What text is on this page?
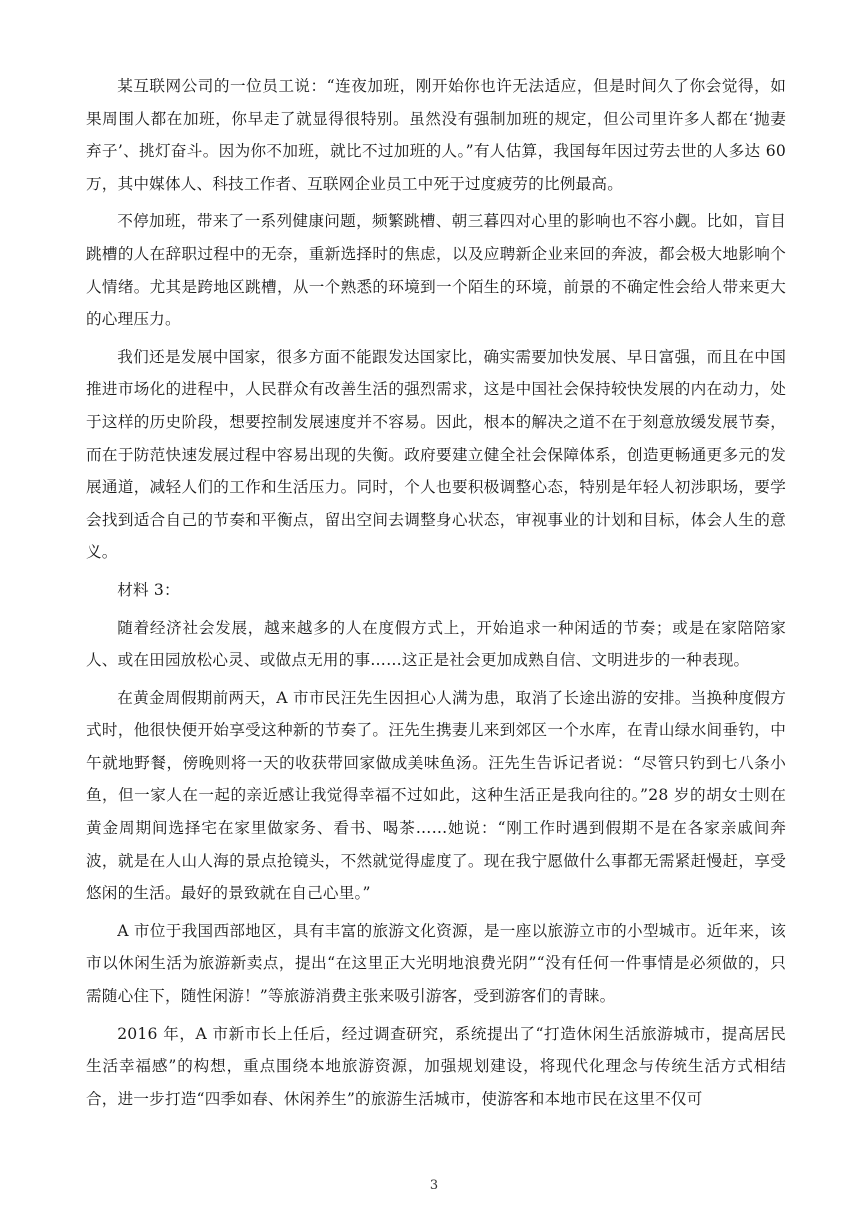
某互联网公司的一位员工说：“连夜加班，刚开始你也许无法适应，但是时间久了你会觉得，如果周围人都在加班，你早走了就显得很特别。虽然没有强制加班的规定，但公司里许多人都在‘抛妻弃子’、挑灯奋斗。因为你不加班，就比不过加班的人。”有人估算，我国每年因过劳去世的人多达 60 万，其中媒体人、科技工作者、互联网企业员工中死于过度疲劳的比例最高。

不停加班，带来了一系列健康问题，频繁跳槽、朝三暮四对心里的影响也不容小觑。比如，盲目跳槽的人在辞职过程中的无奈，重新选择时的焦虑，以及应聘新企业来回的奔波，都会极大地影响个人情绪。尤其是跨地区跳槽，从一个熟悉的环境到一个陌生的环境，前景的不确定性会给人带来更大的心理压力。

我们还是发展中国家，很多方面不能跟发达国家比，确实需要加快发展、早日富强，而且在中国推进市场化的进程中，人民群众有改善生活的强烈需求，这是中国社会保持较快发展的内在动力，处于这样的历史阶段，想要控制发展速度并不容易。因此，根本的解决之道不在于刻意放缓发展节奏，而在于防范快速发展过程中容易出现的失衡。政府要建立健全社会保障体系，创造更畅通更多元的发展通道，减轻人们的工作和生活压力。同时，个人也要积极调整心态，特别是年轻人初涉职场，要学会找到适合自己的节奏和平衡点，留出空间去调整身心状态，审视事业的计划和目标，体会人生的意义。

材料 3：

随着经济社会发展，越来越多的人在度假方式上，开始追求一种闲适的节奏；或是在家陪陪家人、或在田园放松心灵、或做点无用的事……这正是社会更加成熟自信、文明进步的一种表现。

在黄金周假期前两天，A 市市民汪先生因担心人满为患，取消了长途出游的安排。当换种度假方式时，他很快便开始享受这种新的节奏了。汪先生携妻儿来到郊区一个水库，在青山绿水间垂钓，中午就地野餐，傍晚则将一天的收获带回家做成美味鱼汤。汪先生告诉记者说：“尽管只钓到七八条小鱼，但一家人在一起的亲近感让我觉得幸福不过如此，这种生活正是我向往的。”28 岁的胡女士则在黄金周期间选择宅在家里做家务、看书、喝茶……她说：“刚工作时遇到假期不是在各家亲戚间奔波，就是在人山人海的景点抢镜头，不然就觉得虚度了。现在我宁愿做什么事都无需紧赶慢赶，享受悠闲的生活。最好的景致就在自己心里。”

A 市位于我国西部地区，具有丰富的旅游文化资源，是一座以旅游立市的小型城市。近年来，该市以休闲生活为旅游新卖点，提出“在这里正大光明地浪费光阴”“没有任何一件事情是必须做的，只需随心住下，随性闲游！”等旅游消费主张来吸引游客，受到游客们的青睐。

2016 年，A 市新市长上任后，经过调查研究，系统提出了“打造休闲生活旅游城市，提高居民生活幸福感”的构想，重点围绕本地旅游资源，加强规划建设，将现代化理念与传统生活方式相结合，进一步打造“四季如春、休闲养生”的旅游生活城市，使游客和本地市民在这里不仅可

3
